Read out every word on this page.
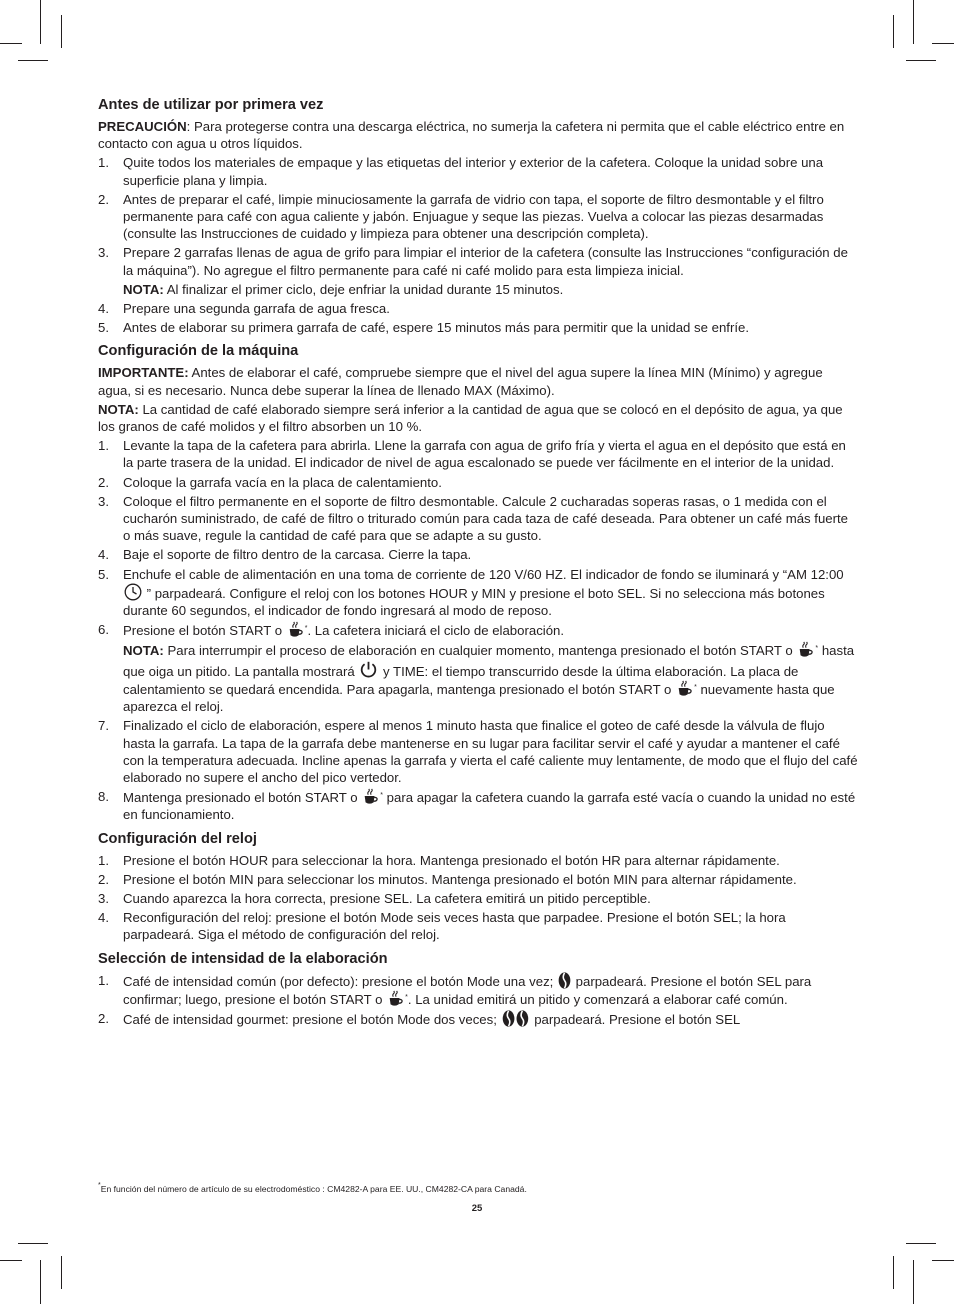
Antes de utilizar por primera vez

PRECAUCIÓN: Para protegerse contra una descarga eléctrica, no sumerja la cafetera ni permita que el cable eléctrico entre en contacto con agua u otros líquidos.

1. Quite todos los materiales de empaque y las etiquetas del interior y exterior de la cafetera. Coloque la unidad sobre una superficie plana y limpia.
2. Antes de preparar el café, limpie minuciosamente la garrafa de vidrio con tapa, el soporte de filtro desmontable y el filtro permanente para café con agua caliente y jabón. Enjuague y seque las piezas. Vuelva a colocar las piezas desarmadas (consulte las Instrucciones de cuidado y limpieza para obtener una descripción completa).
3. Prepare 2 garrafas llenas de agua de grifo para limpiar el interior de la cafetera (consulte las Instrucciones “configuración de la máquina”). No agregue el filtro permanente para café ni café molido para esta limpieza inicial.
NOTA: Al finalizar el primer ciclo, deje enfriar la unidad durante 15 minutos.
4. Prepare una segunda garrafa de agua fresca.
5. Antes de elaborar su primera garrafa de café, espere 15 minutos más para permitir que la unidad se enfríe.
Configuración de la máquina

IMPORTANTE: Antes de elaborar el café, compruebe siempre que el nivel del agua supere la línea MIN (Mínimo) y agregue agua, si es necesario. Nunca debe superar la línea de llenado MAX (Máximo).

NOTA: La cantidad de café elaborado siempre será inferior a la cantidad de agua que se colocó en el depósito de agua, ya que los granos de café molidos y el filtro absorben un 10 %.

1. Levante la tapa de la cafetera para abrirla. Llene la garrafa con agua de grifo fría y vierta el agua en el depósito que está en la parte trasera de la unidad. El indicador de nivel de agua escalonado se puede ver fácilmente en el interior de la unidad.
2. Coloque la garrafa vacía en la placa de calentamiento.
3. Coloque el filtro permanente en el soporte de filtro desmontable. Calcule 2 cucharadas soperas rasas, o 1 medida con el cucharón suministrado, de café de filtro o triturado común para cada taza de café deseada. Para obtener un café más fuerte o más suave, regule la cantidad de café para que se adapte a su gusto.
4. Baje el soporte de filtro dentro de la carcasa. Cierre la tapa.
5. Enchufe el cable de alimentación en una toma de corriente de 120 V/60 HZ. El indicador de fondo se iluminará y “AM 12:00  ” parpadeará. Configure el reloj con los botones HOUR y MIN y presione el boto SEL. Si no selecciona más botones durante 60 segundos, el indicador de fondo ingresará al modo de reposo.
6. Presione el botón START o	*. La cafetera iniciará el ciclo de elaboración.
NOTA: Para interrumpir el proceso de elaboración en cualquier momento, mantenga presionado el botón START o	* hasta que oiga un pitido. La pantalla mostrará  y TIME: el tiempo transcurrido desde la última elaboración. La placa de calentamiento se quedará encendida. Para apagarla, mantenga presionado el botón START o	* nuevamente hasta que aparezca el reloj.
7. Finalizado el ciclo de elaboración, espere al menos 1 minuto hasta que finalice el goteo de café desde la válvula de flujo hasta la garrafa. La tapa de la garrafa debe mantenerse en su lugar para facilitar servir el café y ayudar a mantener el café con la temperatura adecuada. Incline apenas la garrafa y vierta el café caliente muy lentamente, de modo que el flujo del café elaborado no supere el ancho del pico vertedor.
8. Mantenga presionado el botón START o	* para apagar la cafetera cuando la garrafa esté vacía o cuando la unidad no esté en funcionamiento.
Configuración del reloj
1. Presione el botón HOUR para seleccionar la hora. Mantenga presionado el botón HR para alternar rápidamente.
2. Presione el botón MIN para seleccionar los minutos. Mantenga presionado el botón MIN para alternar rápidamente.
3. Cuando aparezca la hora correcta, presione SEL. La cafetera emitirá un pitido perceptible.
4. Reconfiguración del reloj: presione el botón Mode seis veces hasta que parpadee. Presione el botón SEL; la hora parpadeará. Siga el método de configuración del reloj.
Selección de intensidad de la elaboración
1. Café de intensidad común (por defecto): presione el botón Mode una vez;  parpadeará. Presione el botón SEL para confirmar; luego, presione el botón START o	*. La unidad emitirá un pitido y comenzará a elaborar café común.
2. Café de intensidad gourmet: presione el botón Mode dos veces;  parpadeará. Presione el botón SEL
*En función del número de artículo de su electrodoméstico : CM4282-A para EE. UU., CM4282-CA para Canadá.
25
